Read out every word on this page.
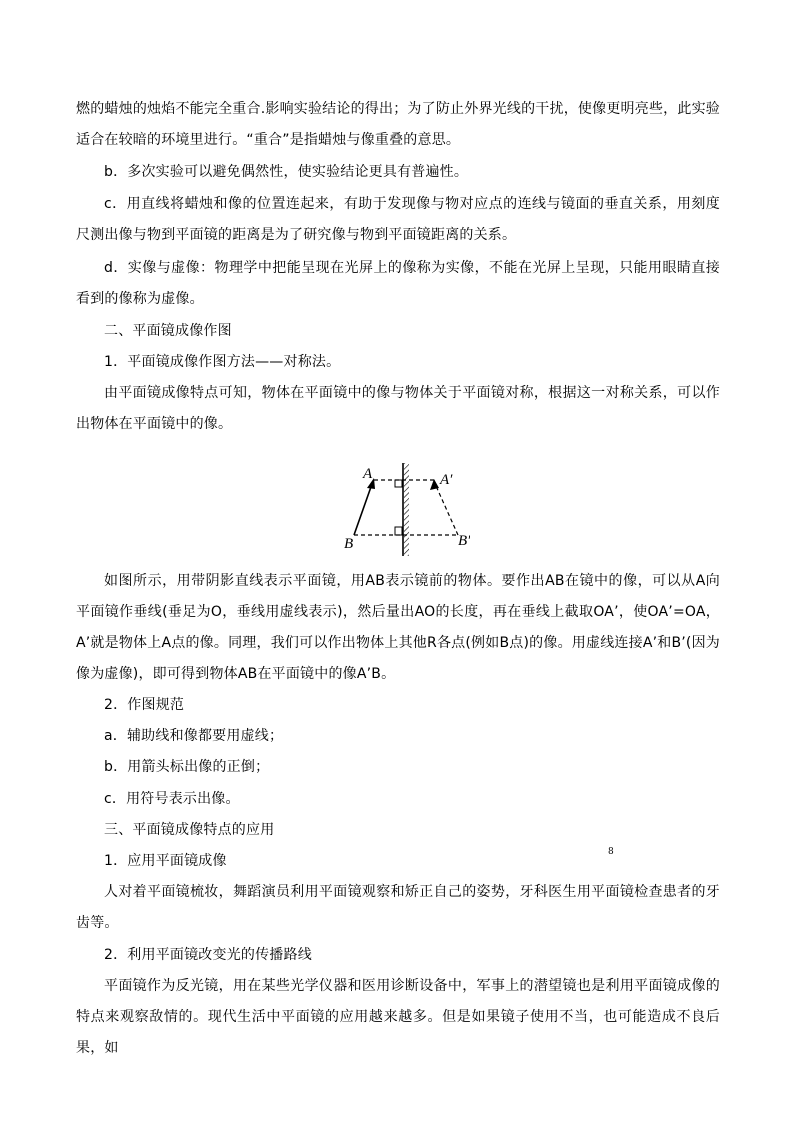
燃的蜡烛的烛焰不能完全重合.影响实验结论的得出；为了防止外界光线的干扰，使像更明亮些，此实验适合在较暗的环境里进行。“重合”是指蜡烛与像重叠的意思。

b．多次实验可以避免偶然性，使实验结论更具有普遍性。

c．用直线将蜡烛和像的位置连起来，有助于发现像与物对应点的连线与镜面的垂直关系，用刻度尺测出像与物到平面镜的距离是为了研究像与物到平面镜距离的关系。

d．实像与虚像：物理学中把能呈现在光屏上的像称为实像，不能在光屏上呈现，只能用眼睛直接看到的像称为虚像。

二、平面镜成像作图

1．平面镜成像作图方法——对称法。

由平面镜成像特点可知，物体在平面镜中的像与物体关于平面镜对称，根据这一对称关系，可以作出物体在平面镜中的像。

A	A′
B	B′

如图所示，用带阴影直线表示平面镜，用AB表示镜前的物体。要作出AB在镜中的像，可以从A向平面镜作垂线(垂足为O，垂线用虚线表示)，然后量出AO的长度，再在垂线上截取OA’，使OA’=OA，A’就是物体上A点的像。同理，我们可以作出物体上其他R各点(例如B点)的像。用虚线连接A’和B’(因为像为虚像)，即可得到物体AB在平面镜中的像A’B。

2．作图规范

a．辅助线和像都要用虚线；

b．用箭头标出像的正倒；

c．用符号表示出像。

三、平面镜成像特点的应用

1．应用平面镜成像

8

人对着平面镜梳妆，舞蹈演员利用平面镜观察和矫正自己的姿势，牙科医生用平面镜检查患者的牙齿等。

2．利用平面镜改变光的传播路线

平面镜作为反光镜，用在某些光学仪器和医用诊断设备中，军事上的潜望镜也是利用平面镜成像的特点来观察敌情的。现代生活中平面镜的应用越来越多。但是如果镜子使用不当，也可能造成不良后果，如
